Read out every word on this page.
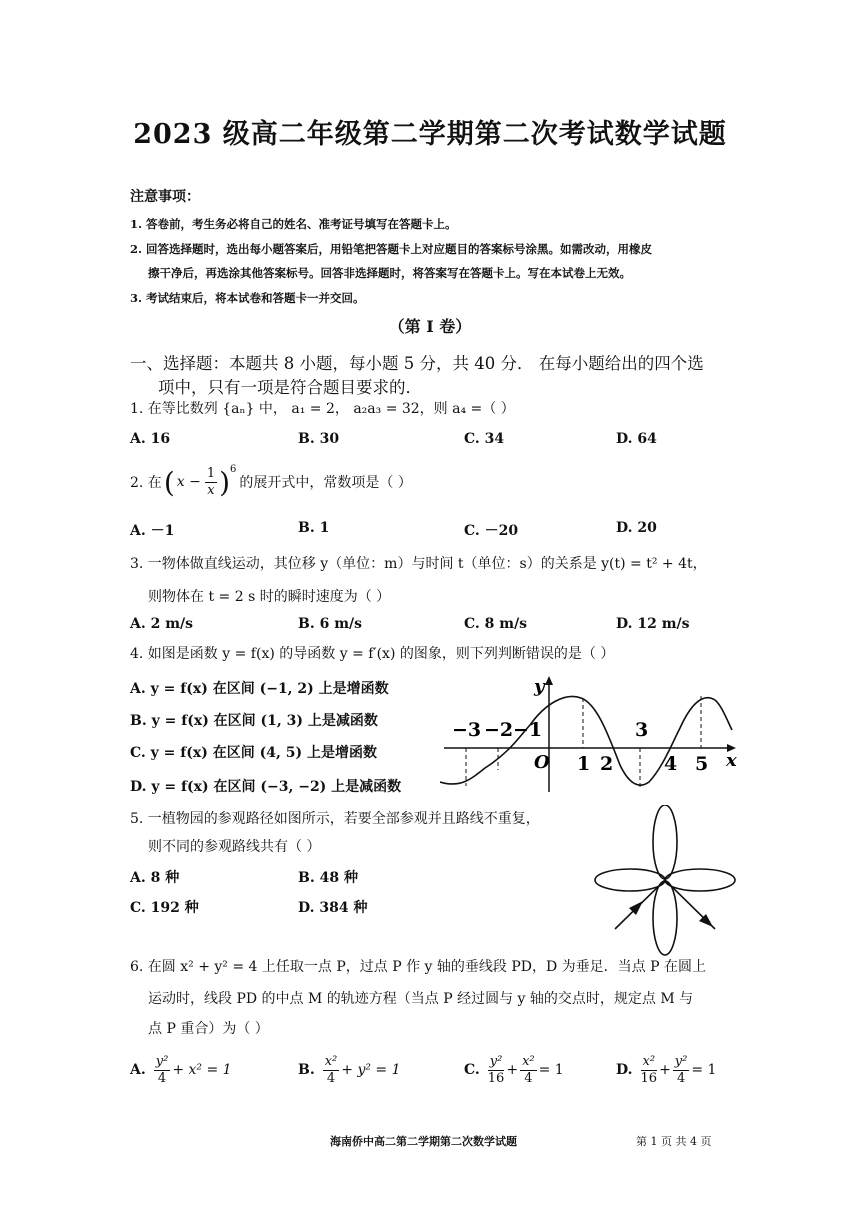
2023 级高二年级第二学期第二次考试数学试题
注意事项：
1. 答卷前，考生务必将自己的姓名、准考证号填写在答题卡上。
2. 回答选择题时，选出每小题答案后，用铅笔把答题卡上对应题目的答案标号涂黑。如需改动，用橡皮
擦干净后，再选涂其他答案标号。回答非选择题时，将答案写在答题卡上。写在本试卷上无效。
3. 考试结束后，将本试卷和答题卡一并交回。
（第 I 卷）
一、选择题：本题共 8 小题，每小题 5 分，共 40 分． 在每小题给出的四个选
项中，只有一项是符合题目要求的．
1. 在等比数列 {aₙ} 中， a₁ = 2， a₂a₃ = 32，则 a₄ =（ ）
A. 16	B. 30	C. 34	D. 64
2. 在 ( $x - \frac{1}{x}$ ) 6
的展开式中，常数项是（ ）
A. －1	B. 1	C. －20	D. 20
3. 一物体做直线运动，其位移 y（单位：m）与时间 t（单位：s）的关系是 y(t) = t² + 4t，
则物体在 t = 2 s 时的瞬时速度为（ ）
A. 2 m/s	B. 6 m/s	C. 8 m/s	D. 12 m/s
4. 如图是函数 y = f(x) 的导函数 y = f′(x) 的图象，则下列判断错误的是（ ）
A. y = f(x) 在区间 (−1, 2) 上是增函数
B. y = f(x) 在区间 (1, 3) 上是减函数
C. y = f(x) 在区间 (4, 5) 上是增函数
D. y = f(x) 在区间 (−3, −2) 上是减函数
y
x
O
−3 −2 −1	3
1 2	4 5
5. 一植物园的参观路径如图所示，若要全部参观并且路线不重复，
则不同的参观路线共有（ ）
A. 8 种	B. 48 种
C. 192 种	D. 384 种
6. 在圆 x² + y² = 4 上任取一点 P，过点 P 作 y 轴的垂线段 PD，D 为垂足．当点 P 在圆上
运动时，线段 PD 的中点 M 的轨迹方程（当点 P 经过圆与 y 轴的交点时，规定点 M 与
点 P 重合）为（ ）
A. $\frac{\text{y²}}{4} + x^2 = 1$	B. $\frac{\text{x²}}{4} + y^2 = 1$	C. $\frac{\text{y²}}{16} + \frac{\text{x²}}{4} = 1$	D. $\frac{\text{x²}}{16} + \frac{\text{y²}}{4} = 1$
海南侨中高二第二学期第二次数学试题	第 1 页 共 4 页
